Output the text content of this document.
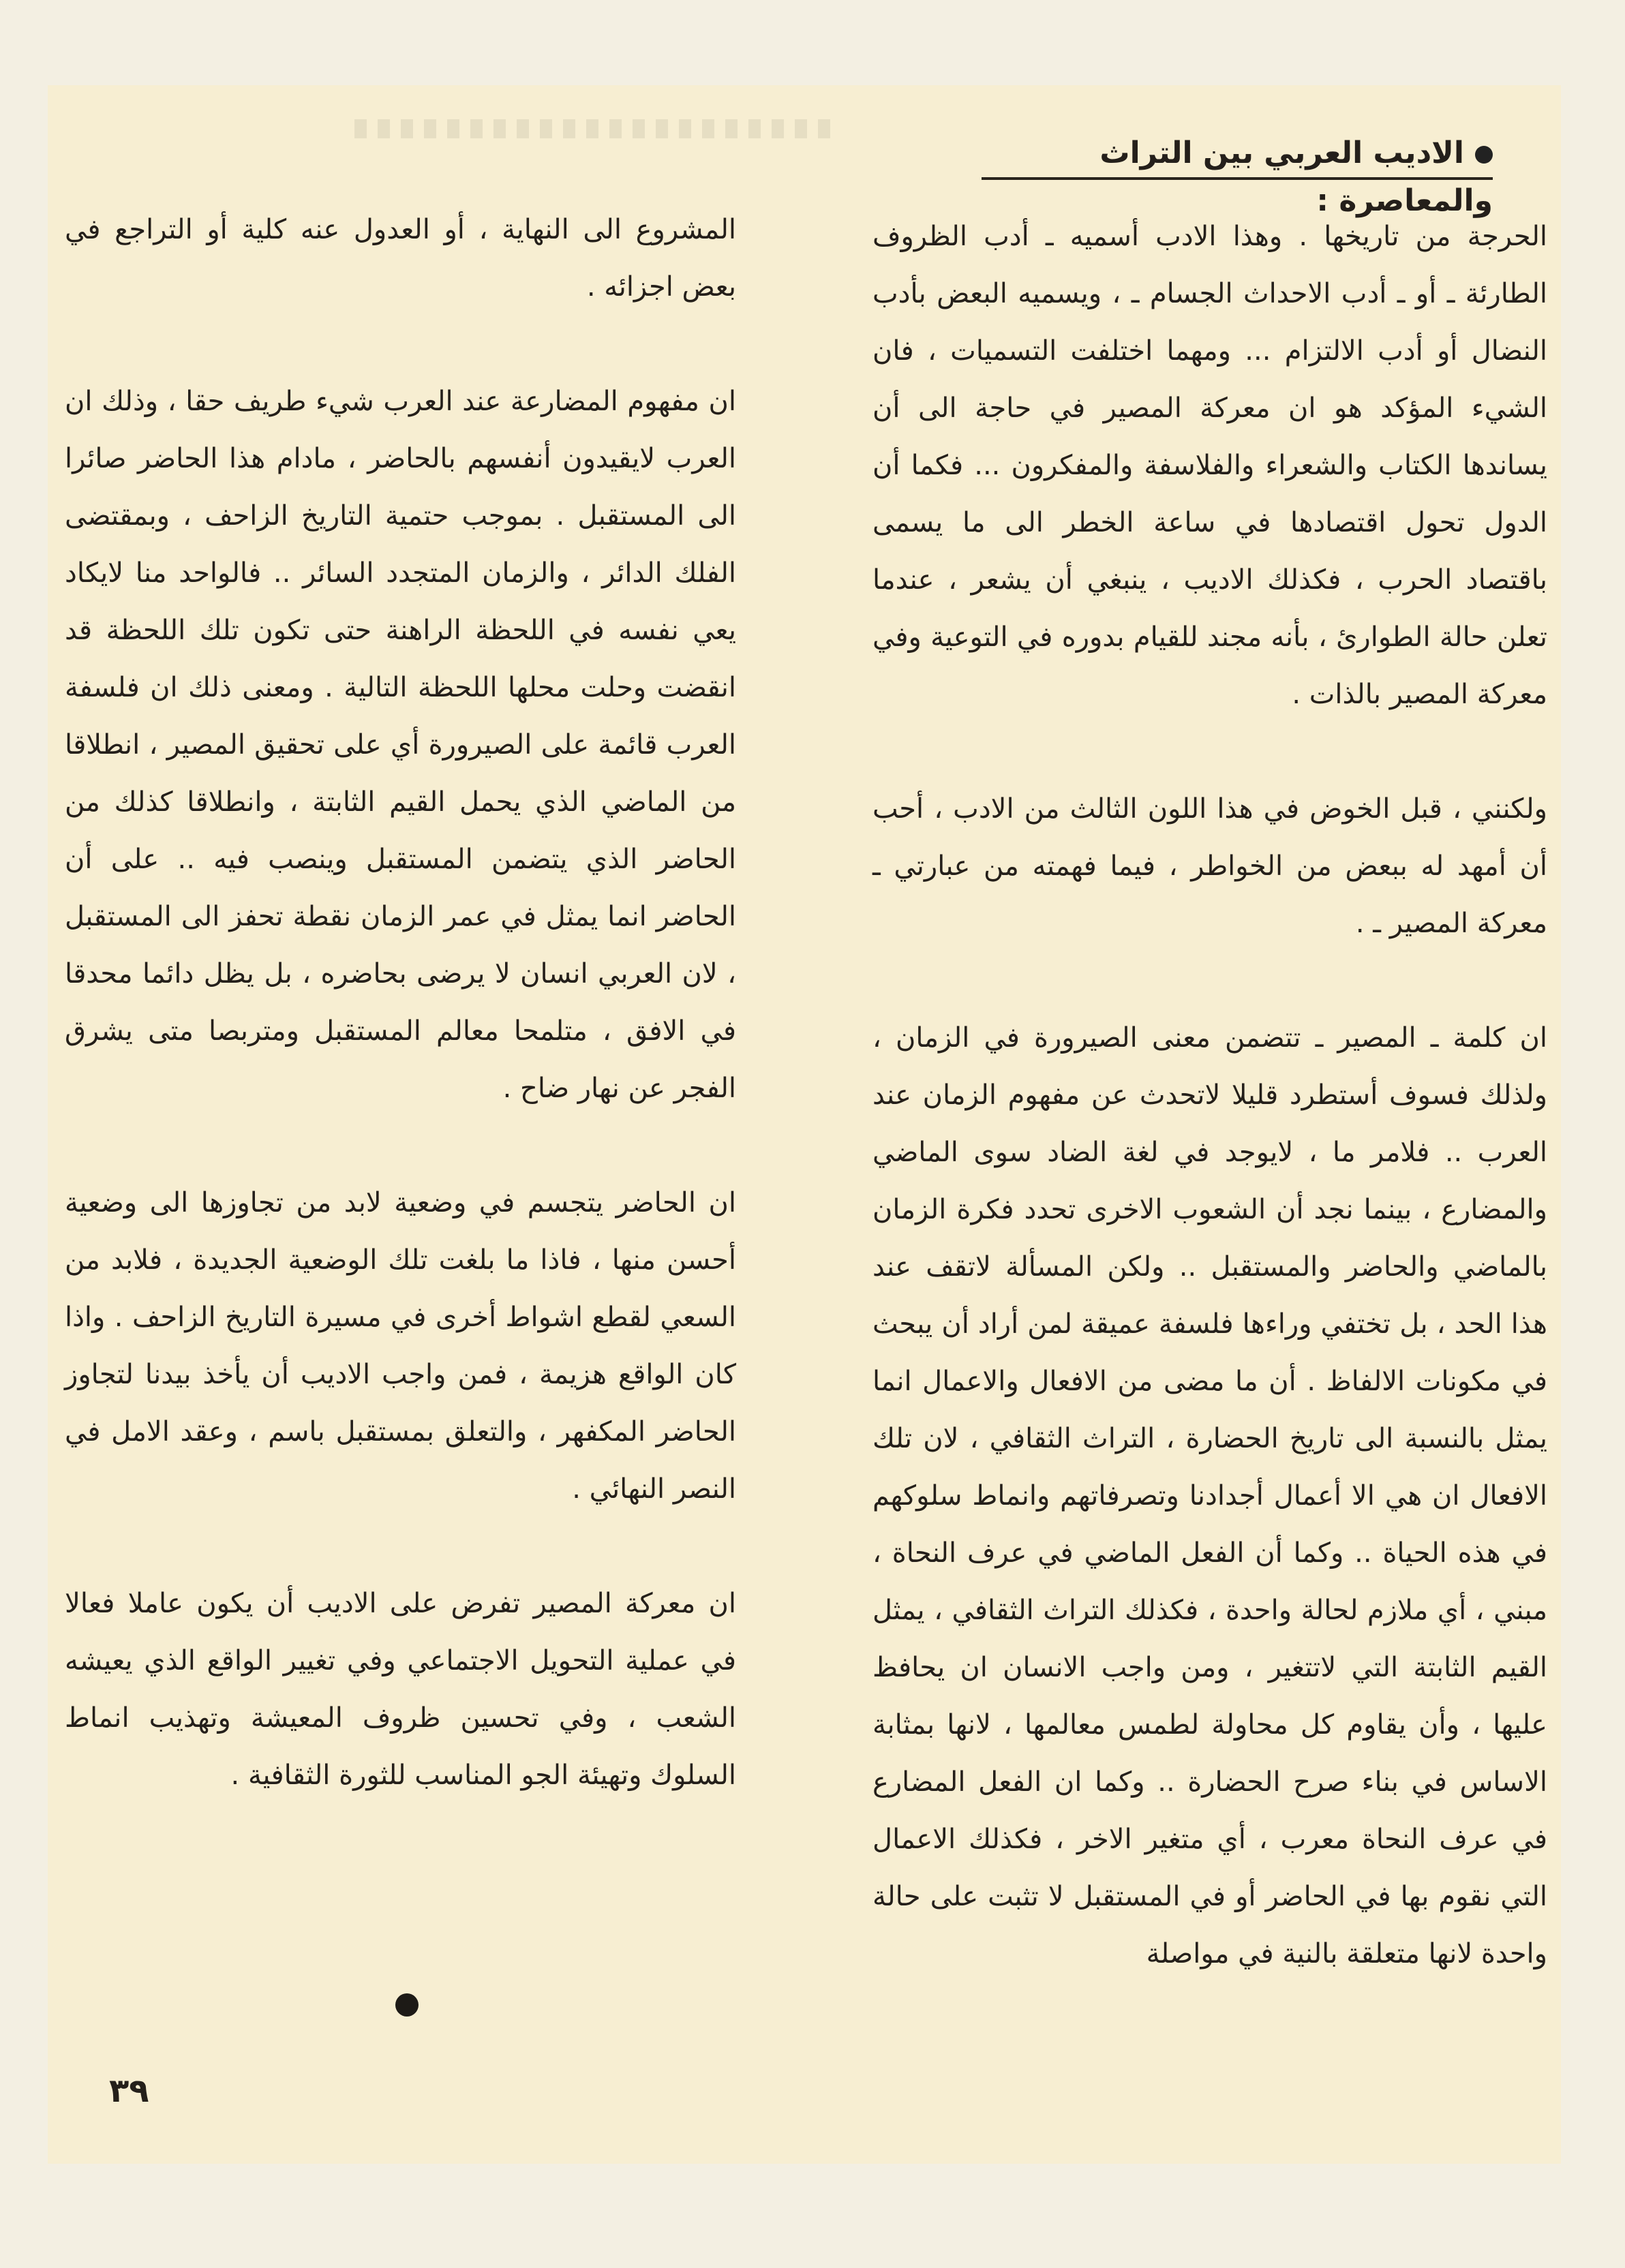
الاديب العربي بين التراث والمعاصرة :

الحرجة من تاريخها . وهذا الادب أسميه ـ أدب الظروف الطارئة ـ أو ـ أدب الاحداث الجسام ـ ، ويسميه البعض بأدب النضال أو أدب الالتزام ... ومهما اختلفت التسميات ، فان الشيء المؤكد هو ان معركة المصير في حاجة الى أن يساندها الكتاب والشعراء والفلاسفة والمفكرون ... فكما أن الدول تحول اقتصادها في ساعة الخطر الى ما يسمى باقتصاد الحرب ، فكذلك الاديب ، ينبغي أن يشعر ، عندما تعلن حالة الطوارئ ، بأنه مجند للقيام بدوره في التوعية وفي معركة المصير بالذات .

ولكنني ، قبل الخوض في هذا اللون الثالث من الادب ، أحب أن أمهد له ببعض من الخواطر ، فيما فهمته من عبارتي ـ معركة المصير ـ .

ان كلمة ـ المصير ـ تتضمن معنى الصيرورة في الزمان ، ولذلك فسوف أستطرد قليلا لاتحدث عن مفهوم الزمان عند العرب .. فلامر ما ، لايوجد في لغة الضاد سوى الماضي والمضارع ، بينما نجد أن الشعوب الاخرى تحدد فكرة الزمان بالماضي والحاضر والمستقبل .. ولكن المسألة لاتقف عند هذا الحد ، بل تختفي وراءها فلسفة عميقة لمن أراد أن يبحث في مكونات الالفاظ . أن ما مضى من الافعال والاعمال انما يمثل بالنسبة الى تاريخ الحضارة ، التراث الثقافي ، لان تلك الافعال ان هي الا أعمال أجدادنا وتصرفاتهم وانماط سلوكهم في هذه الحياة .. وكما أن الفعل الماضي في عرف النحاة ، مبني ، أي ملازم لحالة واحدة ، فكذلك التراث الثقافي ، يمثل القيم الثابتة التي لاتتغير ، ومن واجب الانسان ان يحافظ عليها ، وأن يقاوم كل محاولة لطمس معالمها ، لانها بمثابة الاساس في بناء صرح الحضارة .. وكما ان الفعل المضارع في عرف النحاة معرب ، أي متغير الاخر ، فكذلك الاعمال التي نقوم بها في الحاضر أو في المستقبل لا تثبت على حالة واحدة لانها متعلقة بالنية في مواصلة

المشروع الى النهاية ، أو العدول عنه كلية أو التراجع في بعض اجزائه .

ان مفهوم المضارعة عند العرب شيء طريف حقا ، وذلك ان العرب لايقيدون أنفسهم بالحاضر ، مادام هذا الحاضر صائرا الى المستقبل . بموجب حتمية التاريخ الزاحف ، وبمقتضى الفلك الدائر ، والزمان المتجدد السائر .. فالواحد منا لايكاد يعي نفسه في اللحظة الراهنة حتى تكون تلك اللحظة قد انقضت وحلت محلها اللحظة التالية . ومعنى ذلك ان فلسفة العرب قائمة على الصيرورة أي على تحقيق المصير ، انطلاقا من الماضي الذي يحمل القيم الثابتة ، وانطلاقا كذلك من الحاضر الذي يتضمن المستقبل وينصب فيه .. على أن الحاضر انما يمثل في عمر الزمان نقطة تحفز الى المستقبل ، لان العربي انسان لا يرضى بحاضره ، بل يظل دائما محدقا في الافق ، متلمحا معالم المستقبل ومتربصا متى يشرق الفجر عن نهار ضاح .

ان الحاضر يتجسم في وضعية لابد من تجاوزها الى وضعية أحسن منها ، فاذا ما بلغت تلك الوضعية الجديدة ، فلابد من السعي لقطع اشواط أخرى في مسيرة التاريخ الزاحف . واذا كان الواقع هزيمة ، فمن واجب الاديب أن يأخذ بيدنا لتجاوز الحاضر المكفهر ، والتعلق بمستقبل باسم ، وعقد الامل في النصر النهائي .

ان معركة المصير تفرض على الاديب أن يكون عاملا فعالا في عملية التحويل الاجتماعي وفي تغيير الواقع الذي يعيشه الشعب ، وفي تحسين ظروف المعيشة وتهذيب انماط السلوك وتهيئة الجو المناسب للثورة الثقافية .

٣٩
